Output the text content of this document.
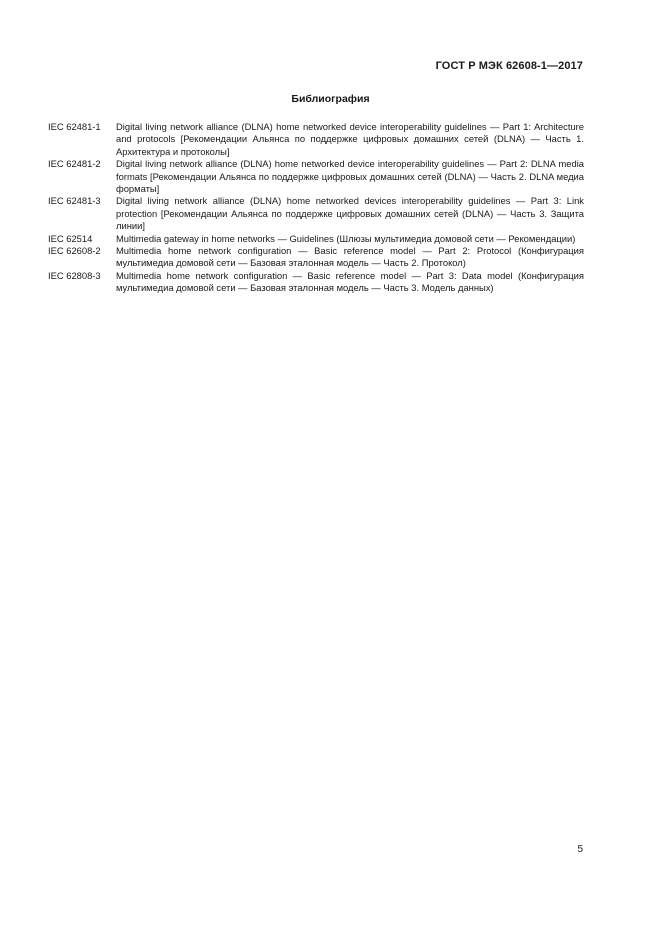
ГОСТ Р МЭК 62608-1—2017
Библиография
IEC 62481-1	Digital living network alliance (DLNA) home networked device interoperability guidelines — Part 1: Architecture and protocols [Рекомендации Альянса по поддержке цифровых домашних сетей (DLNA) — Часть 1. Архитектура и протоколы]
IEC 62481-2	Digital living network alliance (DLNA) home networked device interoperability guidelines — Part 2: DLNA media formats [Рекомендации Альянса по поддержке цифровых домашних сетей (DLNA) — Часть 2. DLNA медиа форматы]
IEC 62481-3	Digital living network alliance (DLNA) home networked devices interoperability guidelines — Part 3: Link protection [Рекомендации Альянса по поддержке цифровых домашних сетей (DLNA) — Часть 3. Защита линии]
IEC 62514	Multimedia gateway in home networks — Guidelines (Шлюзы мультимедиа домовой сети — Рекомендации)
IEC 62608-2	Multimedia home network configuration — Basic reference model — Part 2: Protocol (Конфигурация мультимедиа домовой сети — Базовая эталонная модель — Часть 2. Протокол)
IEC 62808-3	Multimedia home network configuration — Basic reference model — Part 3: Data model (Конфигурация мультимедиа домовой сети — Базовая эталонная модель — Часть 3. Модель данных)
5
